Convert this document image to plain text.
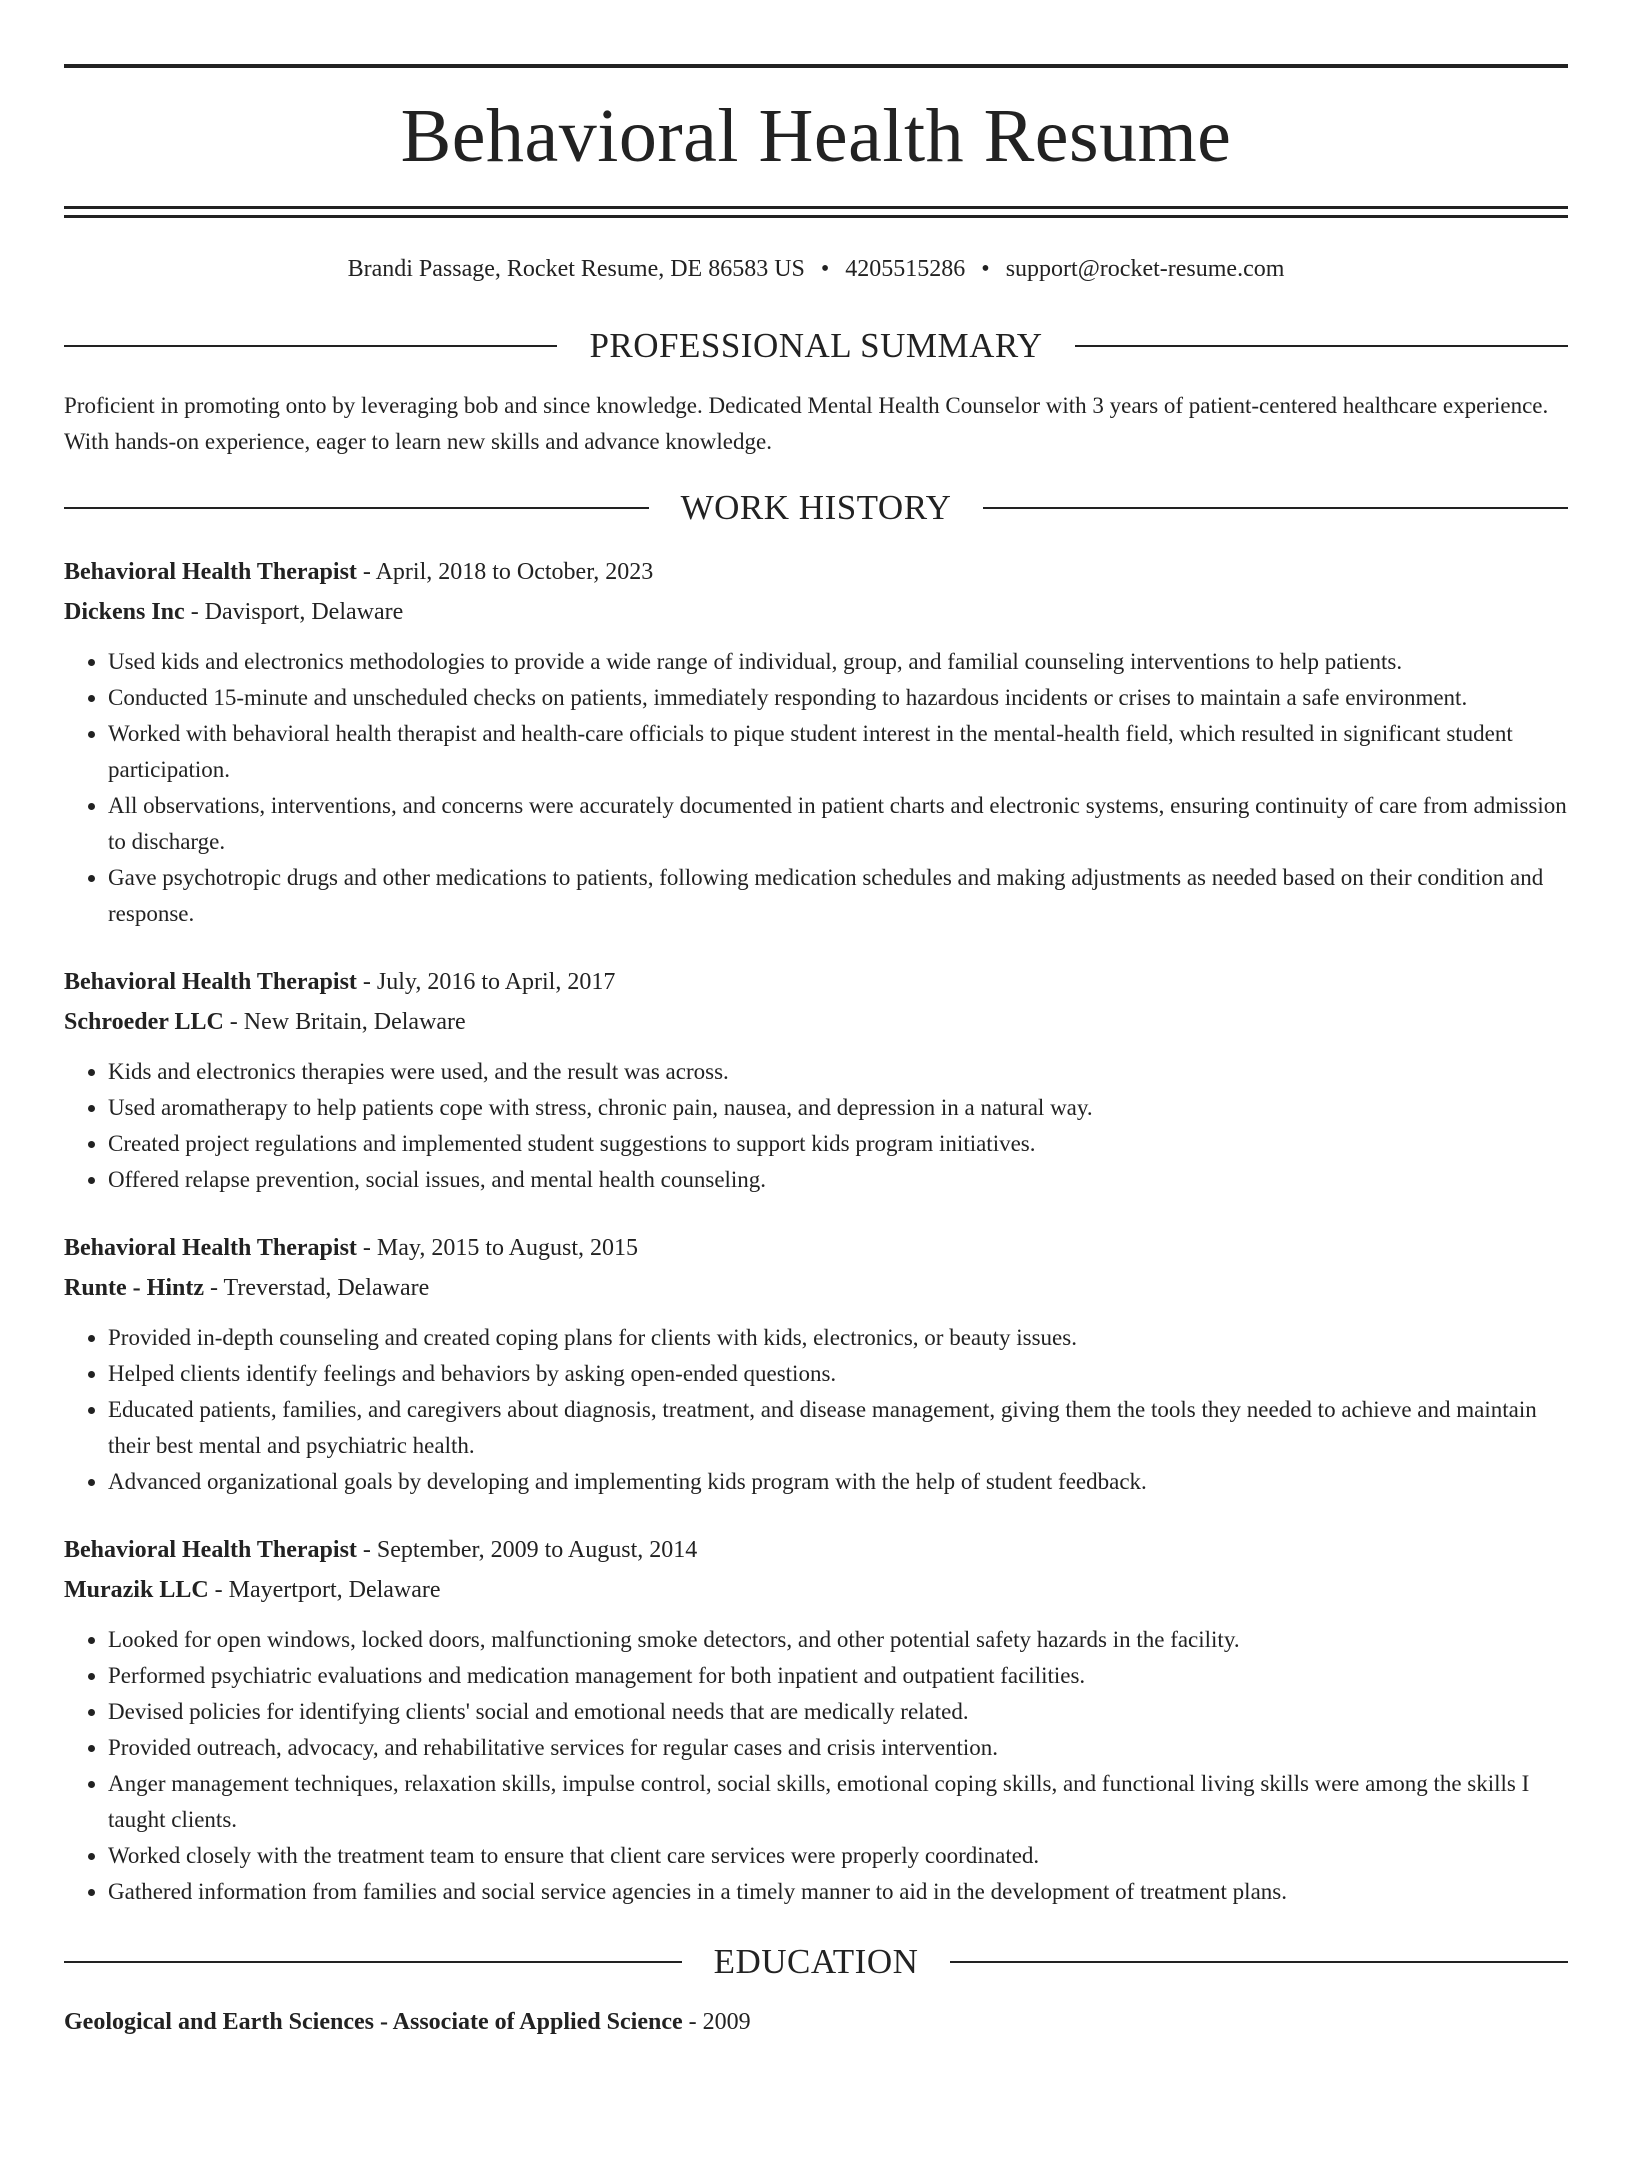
Behavioral Health Resume
Brandi Passage, Rocket Resume, DE 86583 US • 4205515286 • support@rocket-resume.com
PROFESSIONAL SUMMARY
Proficient in promoting onto by leveraging bob and since knowledge. Dedicated Mental Health Counselor with 3 years of patient-centered healthcare experience. With hands-on experience, eager to learn new skills and advance knowledge.
WORK HISTORY
Behavioral Health Therapist - April, 2018 to October, 2023
Dickens Inc - Davisport, Delaware
• Used kids and electronics methodologies to provide a wide range of individual, group, and familial counseling interventions to help patients.
• Conducted 15-minute and unscheduled checks on patients, immediately responding to hazardous incidents or crises to maintain a safe environment.
• Worked with behavioral health therapist and health-care officials to pique student interest in the mental-health field, which resulted in significant student participation.
• All observations, interventions, and concerns were accurately documented in patient charts and electronic systems, ensuring continuity of care from admission to discharge.
• Gave psychotropic drugs and other medications to patients, following medication schedules and making adjustments as needed based on their condition and response.
Behavioral Health Therapist - July, 2016 to April, 2017
Schroeder LLC - New Britain, Delaware
• Kids and electronics therapies were used, and the result was across.
• Used aromatherapy to help patients cope with stress, chronic pain, nausea, and depression in a natural way.
• Created project regulations and implemented student suggestions to support kids program initiatives.
• Offered relapse prevention, social issues, and mental health counseling.
Behavioral Health Therapist - May, 2015 to August, 2015
Runte - Hintz - Treverstad, Delaware
• Provided in-depth counseling and created coping plans for clients with kids, electronics, or beauty issues.
• Helped clients identify feelings and behaviors by asking open-ended questions.
• Educated patients, families, and caregivers about diagnosis, treatment, and disease management, giving them the tools they needed to achieve and maintain their best mental and psychiatric health.
• Advanced organizational goals by developing and implementing kids program with the help of student feedback.
Behavioral Health Therapist - September, 2009 to August, 2014
Murazik LLC - Mayertport, Delaware
• Looked for open windows, locked doors, malfunctioning smoke detectors, and other potential safety hazards in the facility.
• Performed psychiatric evaluations and medication management for both inpatient and outpatient facilities.
• Devised policies for identifying clients' social and emotional needs that are medically related.
• Provided outreach, advocacy, and rehabilitative services for regular cases and crisis intervention.
• Anger management techniques, relaxation skills, impulse control, social skills, emotional coping skills, and functional living skills were among the skills I taught clients.
• Worked closely with the treatment team to ensure that client care services were properly coordinated.
• Gathered information from families and social service agencies in a timely manner to aid in the development of treatment plans.
EDUCATION
Geological and Earth Sciences - Associate of Applied Science - 2009
